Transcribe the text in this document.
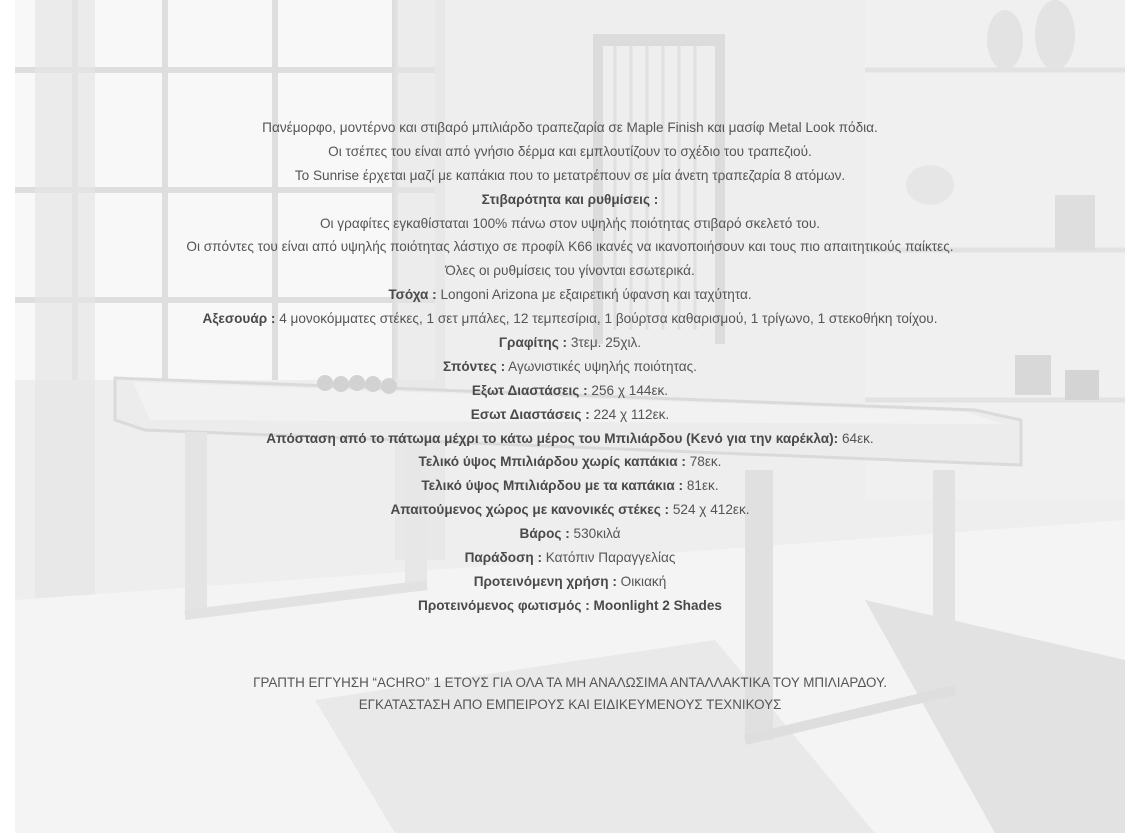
Πανέμορφο, μοντέρνο και στιβαρό μπιλιάρδο τραπεζαρία σε Maple Finish και μασίφ Metal Look πόδια.
Οι τσέπες του είναι από γνήσιο δέρμα και εμπλουτίζουν το σχέδιο του τραπεζιού.
Το Sunrise έρχεται μαζί με καπάκια που το μετατρέπουν σε μία άνετη τραπεζαρία 8 ατόμων.
Στιβαρότητα και ρυθμίσεις :
Οι γραφίτες εγκαθίσταται 100% πάνω στον υψηλής ποιότητας στιβαρό σκελετό του.
Οι σπόντες του είναι από υψηλής ποιότητας λάστιχο σε προφίλ K66 ικανές να ικανοποιήσουν και τους πιο απαιτητικούς παίκτες.
Όλες οι ρυθμίσεις του γίνονται εσωτερικά.
Τσόχα : Longoni Arizona με εξαιρετική ύφανση και ταχύτητα.
Αξεσουάρ : 4 μονοκόμματες στέκες, 1 σετ μπάλες, 12 τεμπεσίρια, 1 βούρτσα καθαρισμού, 1 τρίγωνο, 1 στεκοθήκη τοίχου.
Γραφίτης : 3τεμ. 25χιλ.
Σπόντες : Αγωνιστικές υψηλής ποιότητας.
Εξωτ Διαστάσεις : 256 χ 144εκ.
Εσωτ Διαστάσεις : 224 χ 112εκ.
Απόσταση από το πάτωμα μέχρι το κάτω μέρος του Μπιλιάρδου (Κενό για την καρέκλα): 64εκ.
Τελικό ύψος Μπιλιάρδου χωρίς καπάκια : 78εκ.
Τελικό ύψος Μπιλιάρδου με τα καπάκια : 81εκ.
Απαιτούμενος χώρος με κανονικές στέκες : 524 χ 412εκ.
Βάρος : 530κιλά
Παράδοση : Κατόπιν Παραγγελίας
Προτεινόμενη χρήση : Οικιακή
Προτεινόμενος φωτισμός : Moonlight 2 Shades
ΓΡΑΠΤΗ ΕΓΓΥΗΣΗ “ACHRO” 1 ΕΤΟΥΣ ΓΙΑ ΟΛΑ ΤΑ ΜΗ ΑΝΑΛΩΣΙΜΑ ΑΝΤΑΛΛΑΚΤΙΚΑ ΤΟΥ ΜΠΙΛΙΑΡΔΟΥ.
ΕΓΚΑΤΑΣΤΑΣΗ ΑΠΟ ΕΜΠΕΙΡΟΥΣ ΚΑΙ ΕΙΔΙΚΕΥΜΕΝΟΥΣ ΤΕΧΝΙΚΟΥΣ
